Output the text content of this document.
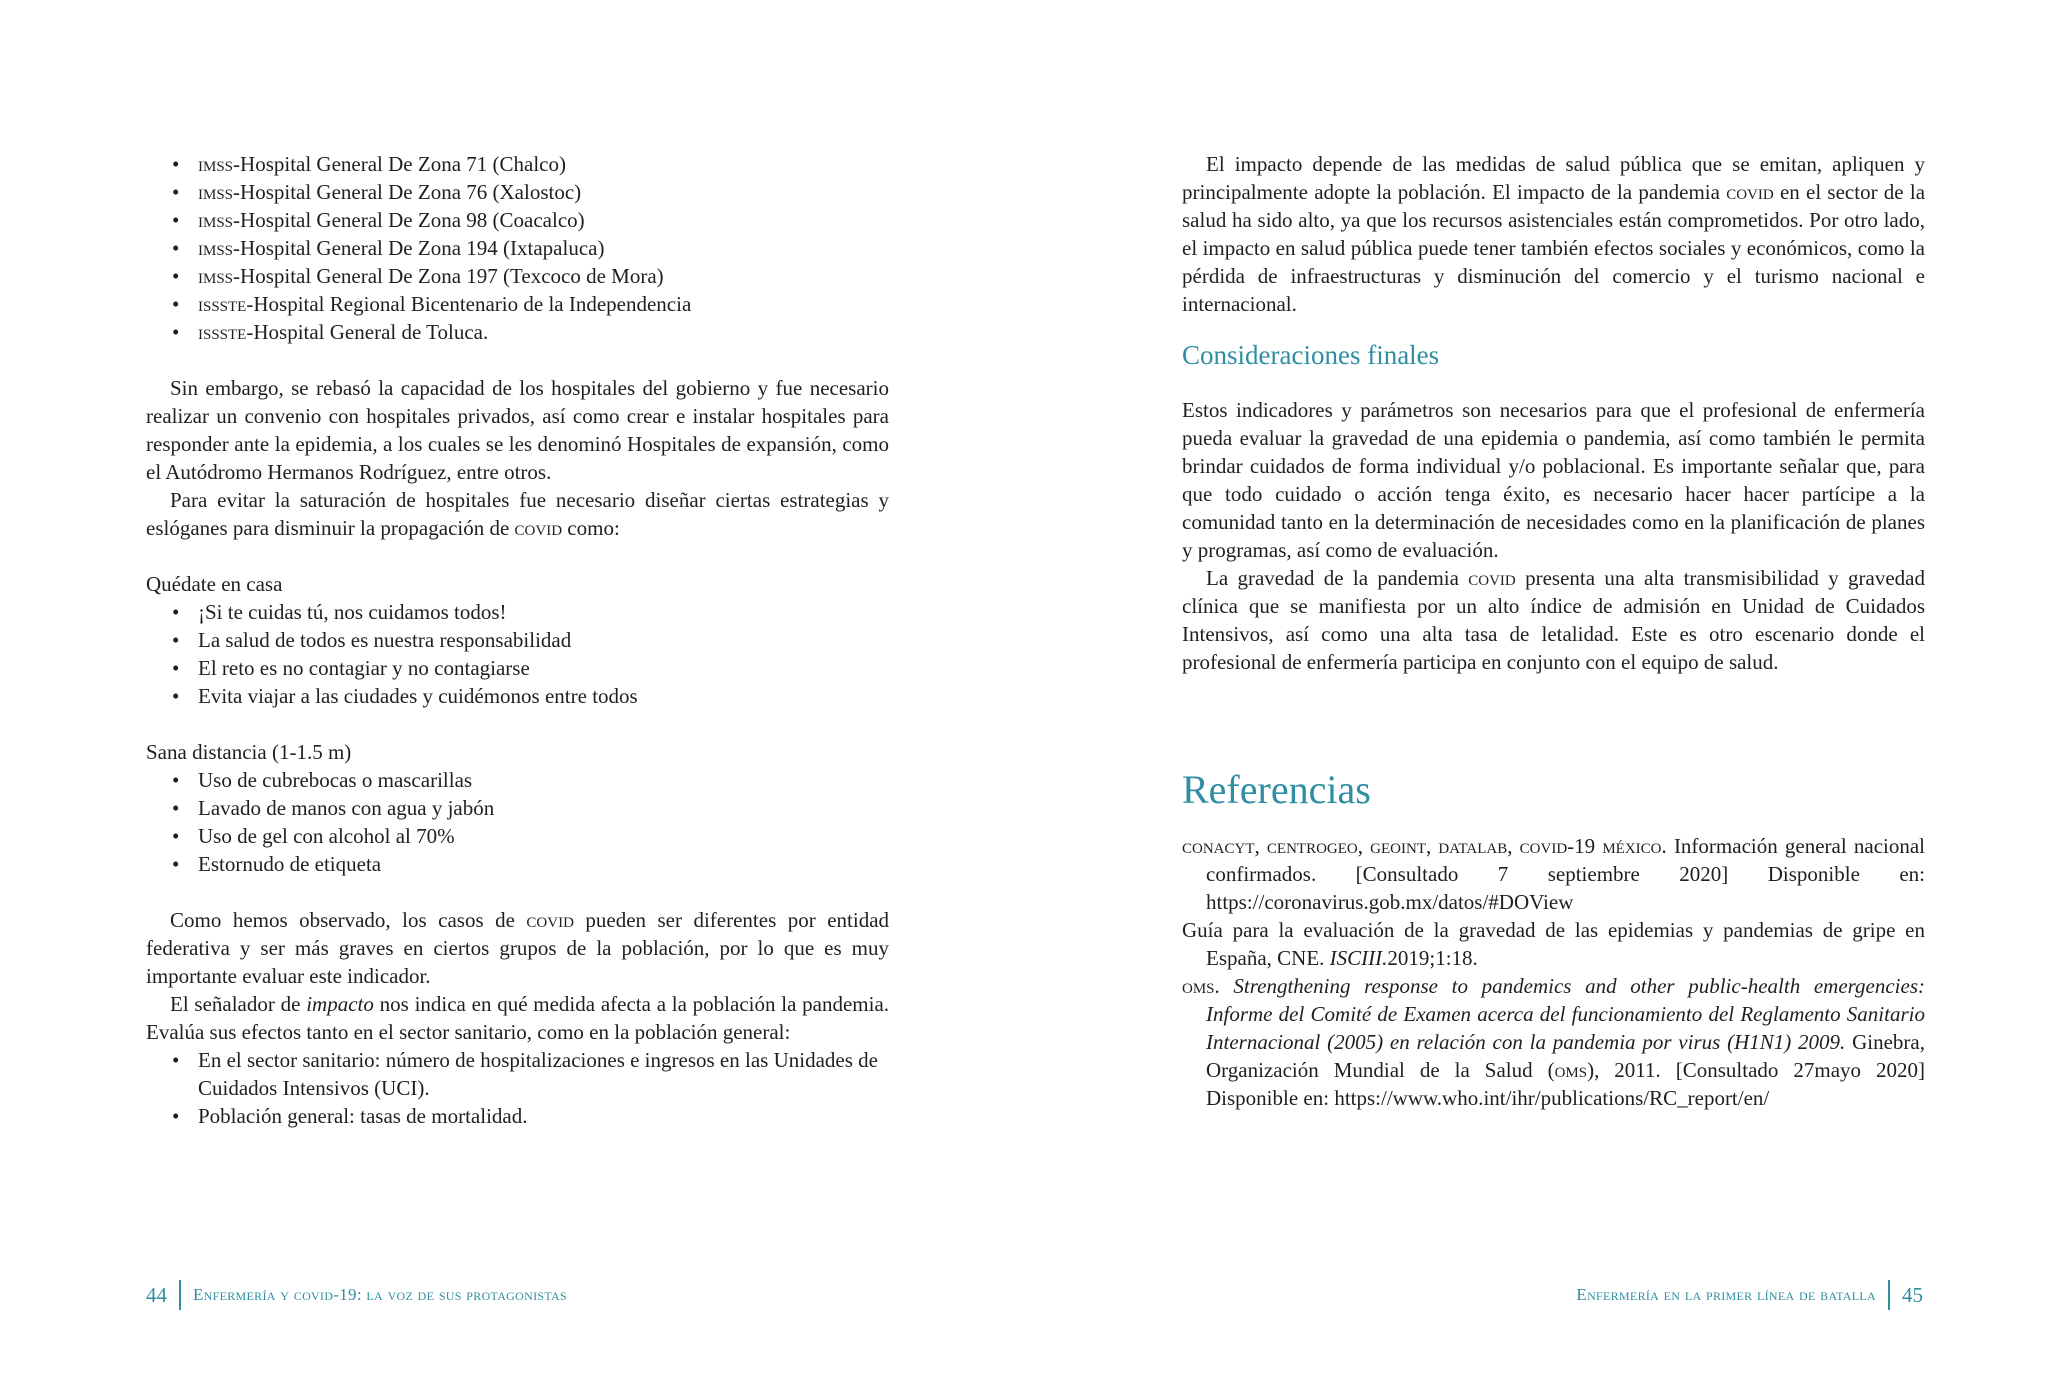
• imss-Hospital General De Zona 71 (Chalco)
• imss-Hospital General De Zona 76 (Xalostoc)
• imss-Hospital General De Zona 98 (Coacalco)
• imss-Hospital General De Zona 194 (Ixtapaluca)
• imss-Hospital General De Zona 197 (Texcoco de Mora)
• issste-Hospital Regional Bicentenario de la Independencia
• issste-Hospital General de Toluca.

Sin embargo, se rebasó la capacidad de los hospitales del gobierno y fue necesario realizar un convenio con hospitales privados, así como crear e instalar hospitales para responder ante la epidemia, a los cuales se les denominó Hospitales de expansión, como el Autódromo Hermanos Rodríguez, entre otros.

Para evitar la saturación de hospitales fue necesario diseñar ciertas estrategias y eslóganes para disminuir la propagación de covid como:

Quédate en casa

• ¡Si te cuidas tú, nos cuidamos todos!
• La salud de todos es nuestra responsabilidad
• El reto es no contagiar y no contagiarse
• Evita viajar a las ciudades y cuidémonos entre todos

Sana distancia (1-1.5 m)

• Uso de cubrebocas o mascarillas
• Lavado de manos con agua y jabón
• Uso de gel con alcohol al 70%
• Estornudo de etiqueta

Como hemos observado, los casos de covid pueden ser diferentes por entidad federativa y ser más graves en ciertos grupos de la población, por lo que es muy importante evaluar este indicador.

El señalador de impacto nos indica en qué medida afecta a la población la pandemia. Evalúa sus efectos tanto en el sector sanitario, como en la población general:

• En el sector sanitario: número de hospitalizaciones e ingresos en las Unidades de Cuidados Intensivos (UCI).
• Población general: tasas de mortalidad.

El impacto depende de las medidas de salud pública que se emitan, apliquen y principalmente adopte la población. El impacto de la pandemia covid en el sector de la salud ha sido alto, ya que los recursos asistenciales están comprometidos. Por otro lado, el impacto en salud pública puede tener también efectos sociales y económicos, como la pérdida de infraestructuras y disminución del comercio y el turismo nacional e internacional.

Consideraciones finales

Estos indicadores y parámetros son necesarios para que el profesional de enfermería pueda evaluar la gravedad de una epidemia o pandemia, así como también le permita brindar cuidados de forma individual y/o poblacional. Es importante señalar que, para que todo cuidado o acción tenga éxito, es necesario hacer hacer partícipe a la comunidad tanto en la determinación de necesidades como en la planificación de planes y programas, así como de evaluación.

La gravedad de la pandemia covid presenta una alta transmisibilidad y gravedad clínica que se manifiesta por un alto índice de admisión en Unidad de Cuidados Intensivos, así como una alta tasa de letalidad. Este es otro escenario donde el profesional de enfermería participa en conjunto con el equipo de salud.

Referencias

conacyt, centrogeo, geoint, datalab, covid-19 méxico. Información general nacional confirmados. [Consultado 7 septiembre 2020] Disponible en: https://coronavirus.gob.mx/datos/#DOView

Guía para la evaluación de la gravedad de las epidemias y pandemias de gripe en España, CNE. ISCIII.2019;1:18.

oms. Strengthening response to pandemics and other public-health emergencies: Informe del Comité de Examen acerca del funcionamiento del Reglamento Sanitario Internacional (2005) en relación con la pandemia por virus (H1N1) 2009. Ginebra, Organización Mundial de la Salud (oms), 2011. [Consultado 27mayo 2020] Disponible en: https://www.who.int/ihr/publications/RC_report/en/

44 Enfermería y covid-19: la voz de sus protagonistas	Enfermería en la primer línea de batalla 45
